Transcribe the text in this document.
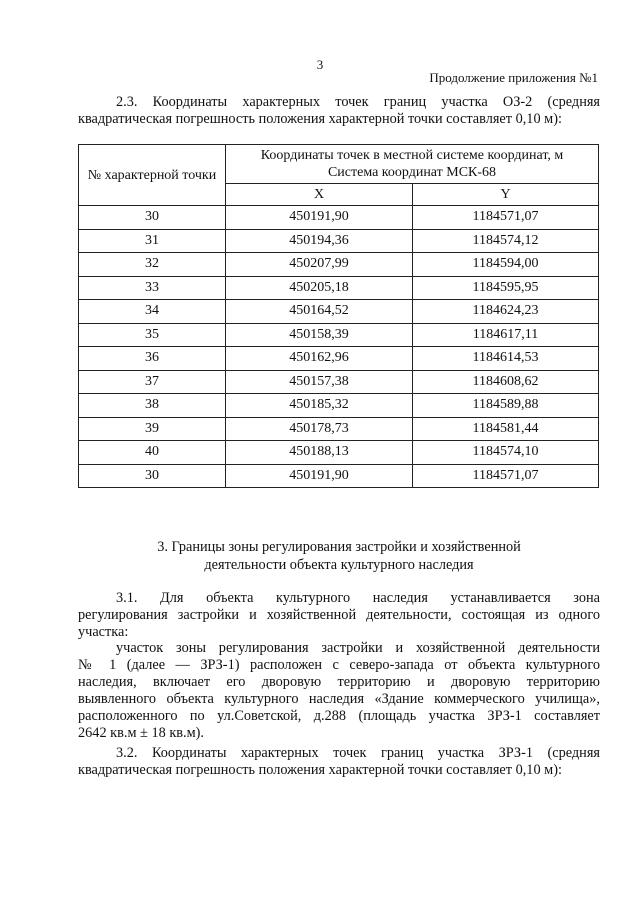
3
Продолжение приложения №1

2.3. Координаты характерных точек границ участка ОЗ-2 (средняя

квадратическая погрешность положения характерной точки составляет 0,10 м):

№ характерной точки	Координаты точек в местной системе координат, м
Система координат МСК-68	

	X	Y
30	450191,90	1184571,07
31	450194,36	1184574,12
32	450207,99	1184594,00
33	450205,18	1184595,95
34	450164,52	1184624,23
35	450158,39	1184617,11
36	450162,96	1184614,53
37	450157,38	1184608,62
38	450185,32	1184589,88
39	450178,73	1184581,44
40	450188,13	1184574,10
30	450191,90	1184571,07
3. Границы зоны регулирования застройки и хозяйственной
деятельности объекта культурного наследия

3.1. Для объекта культурного наследия устанавливается зона

регулирования застройки и хозяйственной деятельности, состоящая из одного

участка:

участок зоны регулирования застройки и хозяйственной деятельности

№ 1 (далее — ЗРЗ-1) расположен с северо-запада от объекта культурного

наследия, включает его дворовую территорию и дворовую территорию

выявленного объекта культурного наследия «Здание коммерческого училища»,

расположенного по ул.Советской, д.288 (площадь участка ЗРЗ-1 составляет

2642 кв.м ± 18 кв.м).

3.2. Координаты характерных точек границ участка ЗРЗ-1 (средняя

квадратическая погрешность положения характерной точки составляет 0,10 м):
